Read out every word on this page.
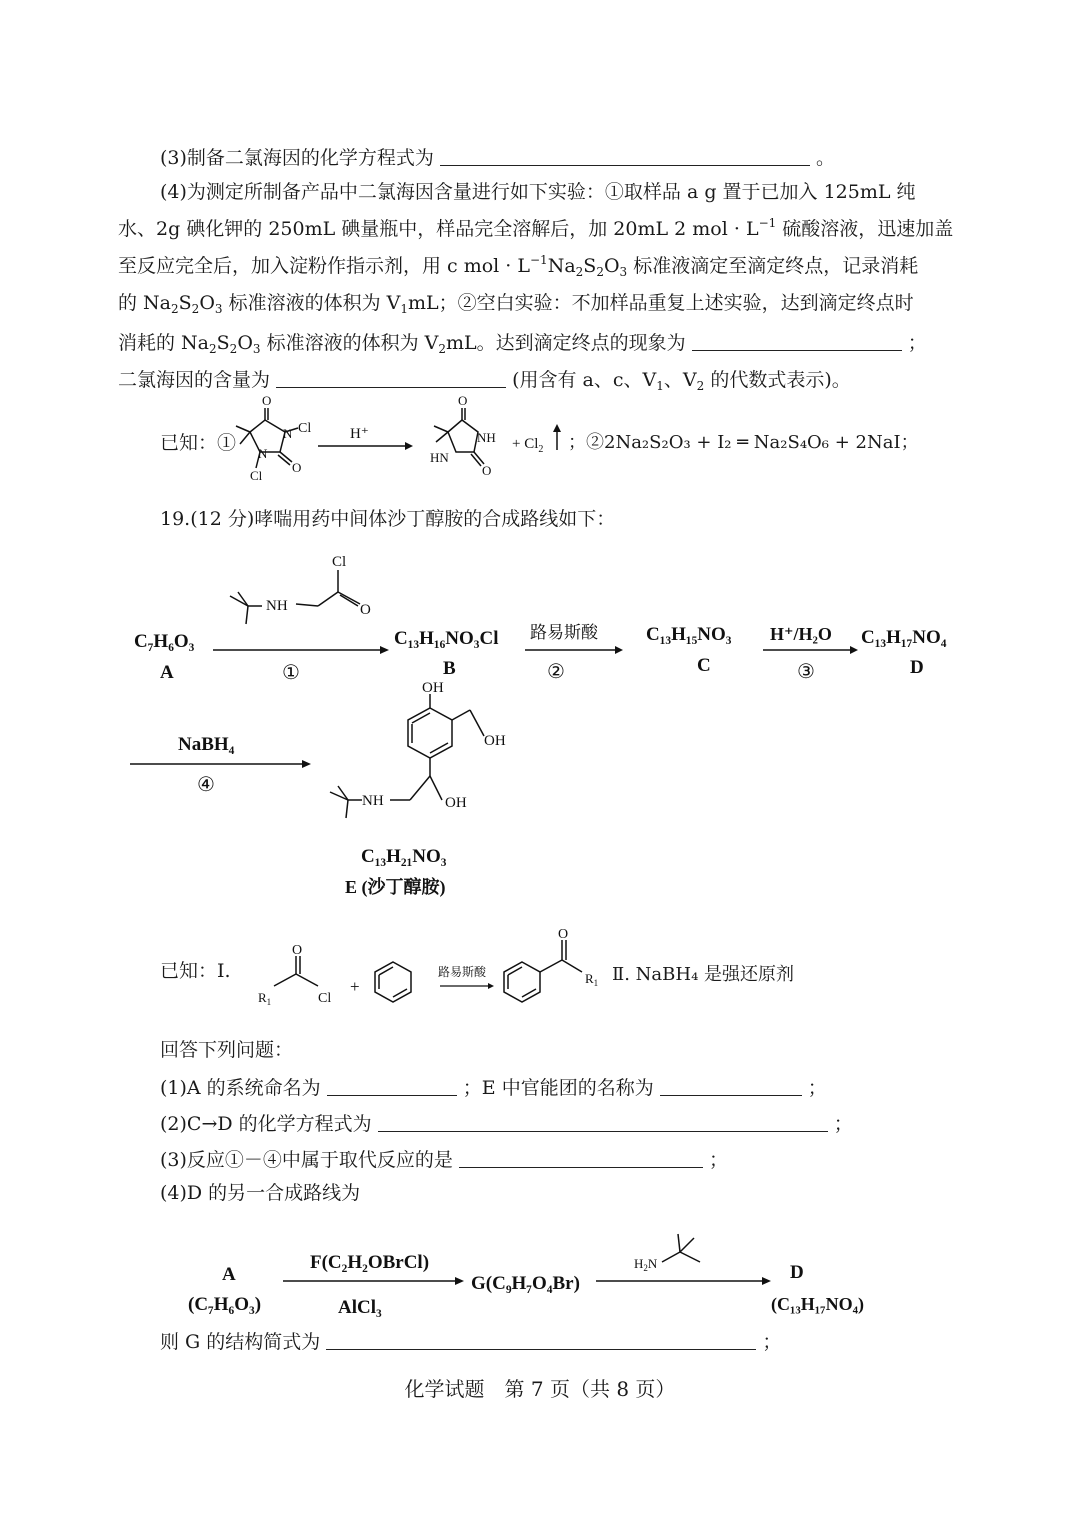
(3)制备二氯海因的化学方程式为	。
(4)为测定所制备产品中二氯海因含量进行如下实验：①取样品 a g 置于已加入 125mL 纯
水、2g 碘化钾的 250mL 碘量瓶中，样品完全溶解后，加 20mL 2 mol · $L^{-1}$ 硫酸溶液，迅速加盖
至反应完全后，加入淀粉作指示剂，用 c mol · $L^{-1}Na_2S_2O_3$ 标准液滴定至滴定终点，记录消耗
的 $Na_2S_2O_3$ 标准溶液的体积为 $V_1mL$；②空白实验：不加样品重复上述实验，达到滴定终点时
消耗的 $Na_2S_2O_3$ 标准溶液的体积为 $V_2mL$。达到滴定终点的现象为	；
二氯海因的含量为	(用含有 a、c、$V_1$、$V_2$ 的代数式表示)。
已知：①	；②2Na₂S₂O₃ + I₂ ═ Na₂S₄O₆ + 2NaI；
O
Cl
N
N
O
Cl
H⁺
O
NH
HN
O
+ $Cl_2$
NH
Cl
O
C₇H₆O₃
A	①
C₁₃H₁₆NO₃Cl
B
路易斯酸
②
C₁₃H₁₅NO₃
C
H⁺/H₂O
③
C₁₃H₁₇NO₄
D
NaBH₄
④
OH
OH
OH
NH
C₁₃H₂₁NO₃
E (沙丁醇胺)
O
$R_1$	Cl
+
路易斯酸
O
$R_1$
A
(C₇H₆O₃)
F(C₂H₂OBrCl)
AlCl₃
G(C₉H₇O₄Br)
$H_2N$	D
(C₁₃H₁₇NO₄)
19.(12 分)哮喘用药中间体沙丁醇胺的合成路线如下：
已知：Ⅰ.	Ⅱ. NaBH₄ 是强还原剂
回答下列问题：
(1)A 的系统命名为	；E 中官能团的名称为	；
(2)C→D 的化学方程式为	；
(3)反应①－④中属于取代反应的是	；
(4)D 的另一合成路线为
则 G 的结构简式为	；
化学试题　第 7 页（共 8 页）
